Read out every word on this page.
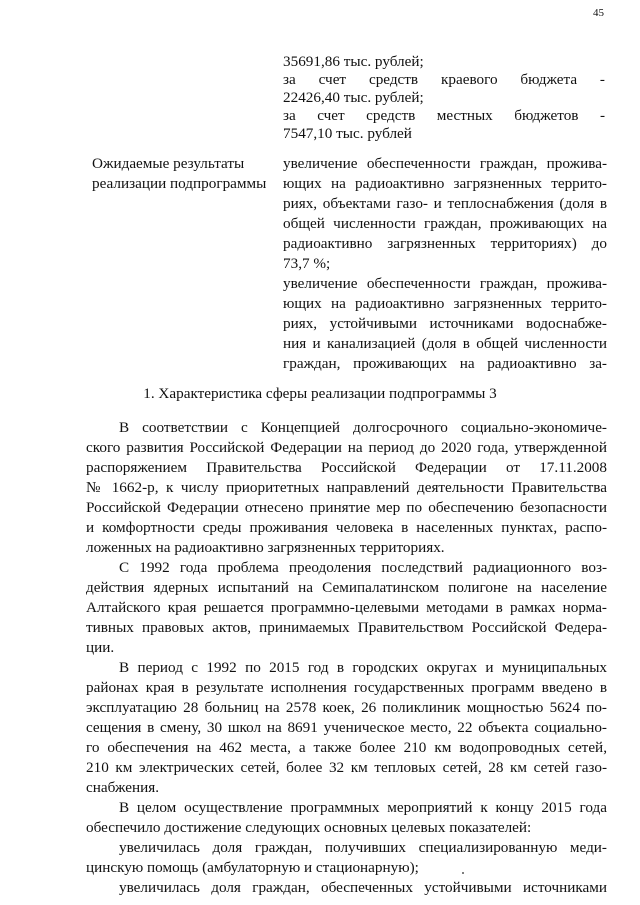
45
35691,86 тыс. рублей;
за счет средств краевого бюджета -
22426,40 тыс. рублей;
за счет средств местных бюджетов -
7547,10 тыс. рублей
Ожидаемые результаты
реализации подпрограммы
увеличение обеспеченности граждан, прожива-
ющих на радиоактивно загрязненных террито-
риях, объектами газо- и теплоснабжения (доля в
общей численности граждан, проживающих на
радиоактивно загрязненных территориях) до
73,7 %;
увеличение обеспеченности граждан, прожива-
ющих на радиоактивно загрязненных террито-
риях, устойчивыми источниками водоснабже-
ния и канализацией (доля в общей численности
граждан, проживающих на радиоактивно за-
1. Характеристика сферы реализации подпрограммы 3
В соответствии с Концепцией долгосрочного социально-экономиче-
ского развития Российской Федерации на период до 2020 года, утвержденной
распоряжением Правительства Российской Федерации от 17.11.2008
№ 1662-р, к числу приоритетных направлений деятельности Правительства
Российской Федерации отнесено принятие мер по обеспечению безопасности
и комфортности среды проживания человека в населенных пунктах, распо-
ложенных на радиоактивно загрязненных территориях.
С 1992 года проблема преодоления последствий радиационного воз-
действия ядерных испытаний на Семипалатинском полигоне на население
Алтайского края решается программно-целевыми методами в рамках норма-
тивных правовых актов, принимаемых Правительством Российской Федера-
ции.
В период с 1992 по 2015 год в городских округах и муниципальных
районах края в результате исполнения государственных программ введено в
эксплуатацию 28 больниц на 2578 коек, 26 поликлиник мощностью 5624 по-
сещения в смену, 30 школ на 8691 ученическое место, 22 объекта социально-
го обеспечения на 462 места, а также более 210 км водопроводных сетей,
210 км электрических сетей, более 32 км тепловых сетей, 28 км сетей газо-
снабжения.
В целом осуществление программных мероприятий к концу 2015 года
обеспечило достижение следующих основных целевых показателей:
увеличилась доля граждан, получивших специализированную меди-
цинскую помощь (амбулаторную и стационарную);
увеличилась доля граждан, обеспеченных устойчивыми источниками
